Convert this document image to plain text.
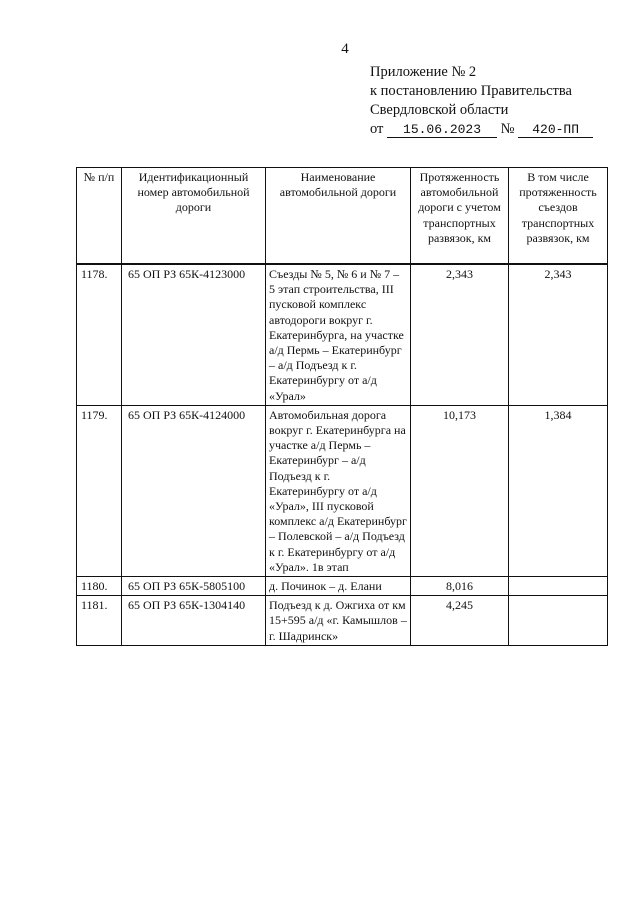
4
Приложение № 2
к постановлению Правительства
Свердловской области
от 15.06.2023 № 420-ПП
№ п/п	Идентификационный номер автомобильной дороги	Наименование автомобильной дороги	Протяженность автомобильной дороги с учетом транспортных развязок, км	В том числе протяженность съездов транспортных развязок, км
1178.	65 ОП РЗ 65К-4123000	Съезды № 5, № 6 и № 7 – 5 этап строительства, III пусковой комплекс автодороги вокруг г. Екатеринбурга, на участке а/д Пермь – Екатеринбург – а/д Подъезд к г. Екатеринбургу от а/д «Урал»	2,343	2,343
1179.	65 ОП РЗ 65К-4124000	Автомобильная дорога вокруг г. Екатеринбурга на участке а/д Пермь – Екатеринбург – а/д Подъезд к г. Екатеринбургу от а/д «Урал», III пусковой комплекс а/д Екатеринбург – Полевской – а/д Подъезд к г. Екатеринбургу от а/д «Урал». 1в этап	10,173	1,384
1180.	65 ОП РЗ 65К-5805100	д. Починок – д. Елани	8,016	
1181.	65 ОП РЗ 65К-1304140	Подъезд к д. Ожгиха от км 15+595 а/д «г. Камышлов – г. Шадринск»	4,245	
